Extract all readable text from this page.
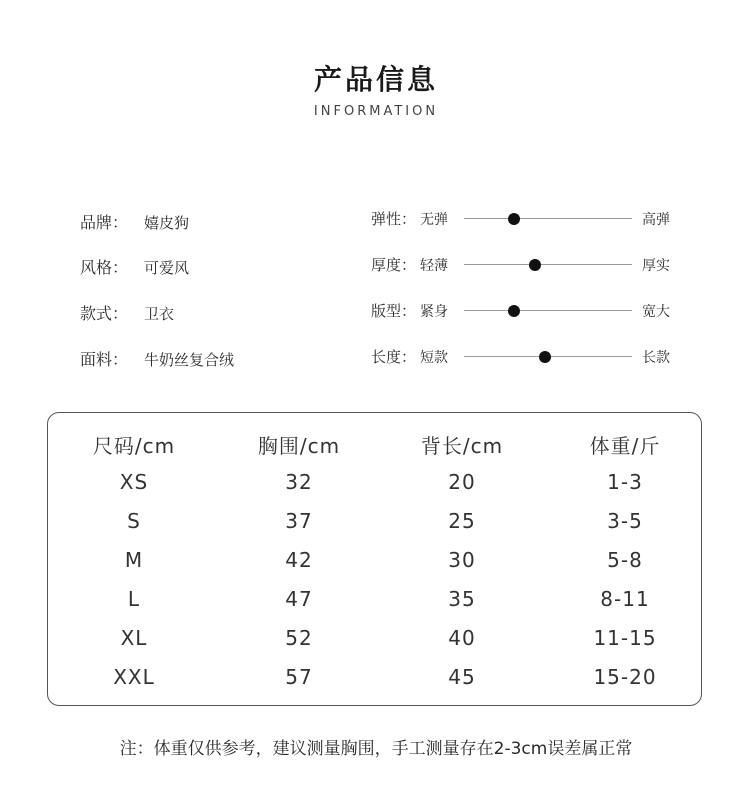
产品信息
INFORMATION
品牌： 嬉皮狗
风格： 可爱风
款式： 卫衣
面料： 牛奶丝复合绒
弹性： 无弹	高弹
厚度： 轻薄	厚实
版型： 紧身	宽大
长度： 短款	长款
尺码/cm	胸围/cm	背长/cm	体重/斤
XS	32	20	1-3
S	37	25	3-5
M	42	30	5-8
L	47	35	8-11
XL	52	40	11-15
XXL	57	45	15-20
注：体重仅供参考，建议测量胸围，手工测量存在2-3cm误差属正常
